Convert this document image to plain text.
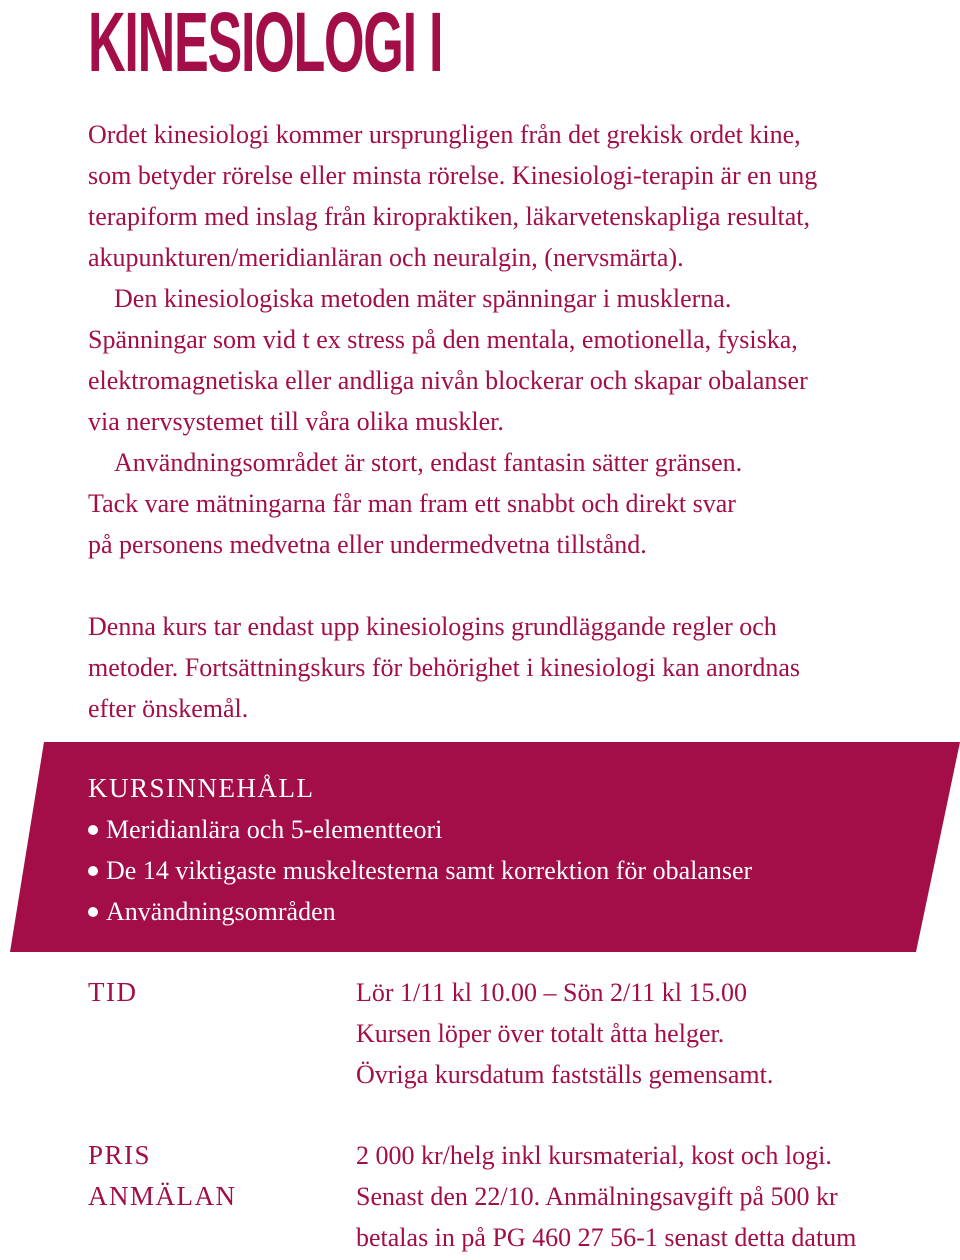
KINESIOLOGI I

Ordet kinesiologi kommer ursprungligen från det grekisk ordet kine,

som betyder rörelse eller minsta rörelse. Kinesiologi-terapin är en ung

terapiform med inslag från kiropraktiken, läkarvetenskapliga resultat,

akupunkturen/meridianläran och neuralgin, (nervsmärta).

Den kinesiologiska metoden mäter spänningar i musklerna.

Spänningar som vid t ex stress på den mentala, emotionella, fysiska,

elektromagnetiska eller andliga nivån blockerar och skapar obalanser

via nervsystemet till våra olika muskler.

Användningsområdet är stort, endast fantasin sätter gränsen.

Tack vare mätningarna får man fram ett snabbt och direkt svar

på personens medvetna eller undermedvetna tillstånd.

Denna kurs tar endast upp kinesiologins grundläggande regler och

metoder. Fortsättningskurs för behörighet i kinesiologi kan anordnas

efter önskemål.

KURSINNEHÅLL
Meridianlära och 5-elementteori
De 14 viktigaste muskeltesterna samt korrektion för obalanser
Användningsområden
TID	Lör 1/11 kl 10.00 – Sön 2/11 kl 15.00

Kursen löper över totalt åtta helger.

Övriga kursdatum fastställs gemensamt.

PRIS	2 000 kr/helg inkl kursmaterial, kost och logi.

ANMÄLAN	Senast den 22/10. Anmälningsavgift på 500 kr

betalas in på PG 460 27 56-1 senast detta datum
